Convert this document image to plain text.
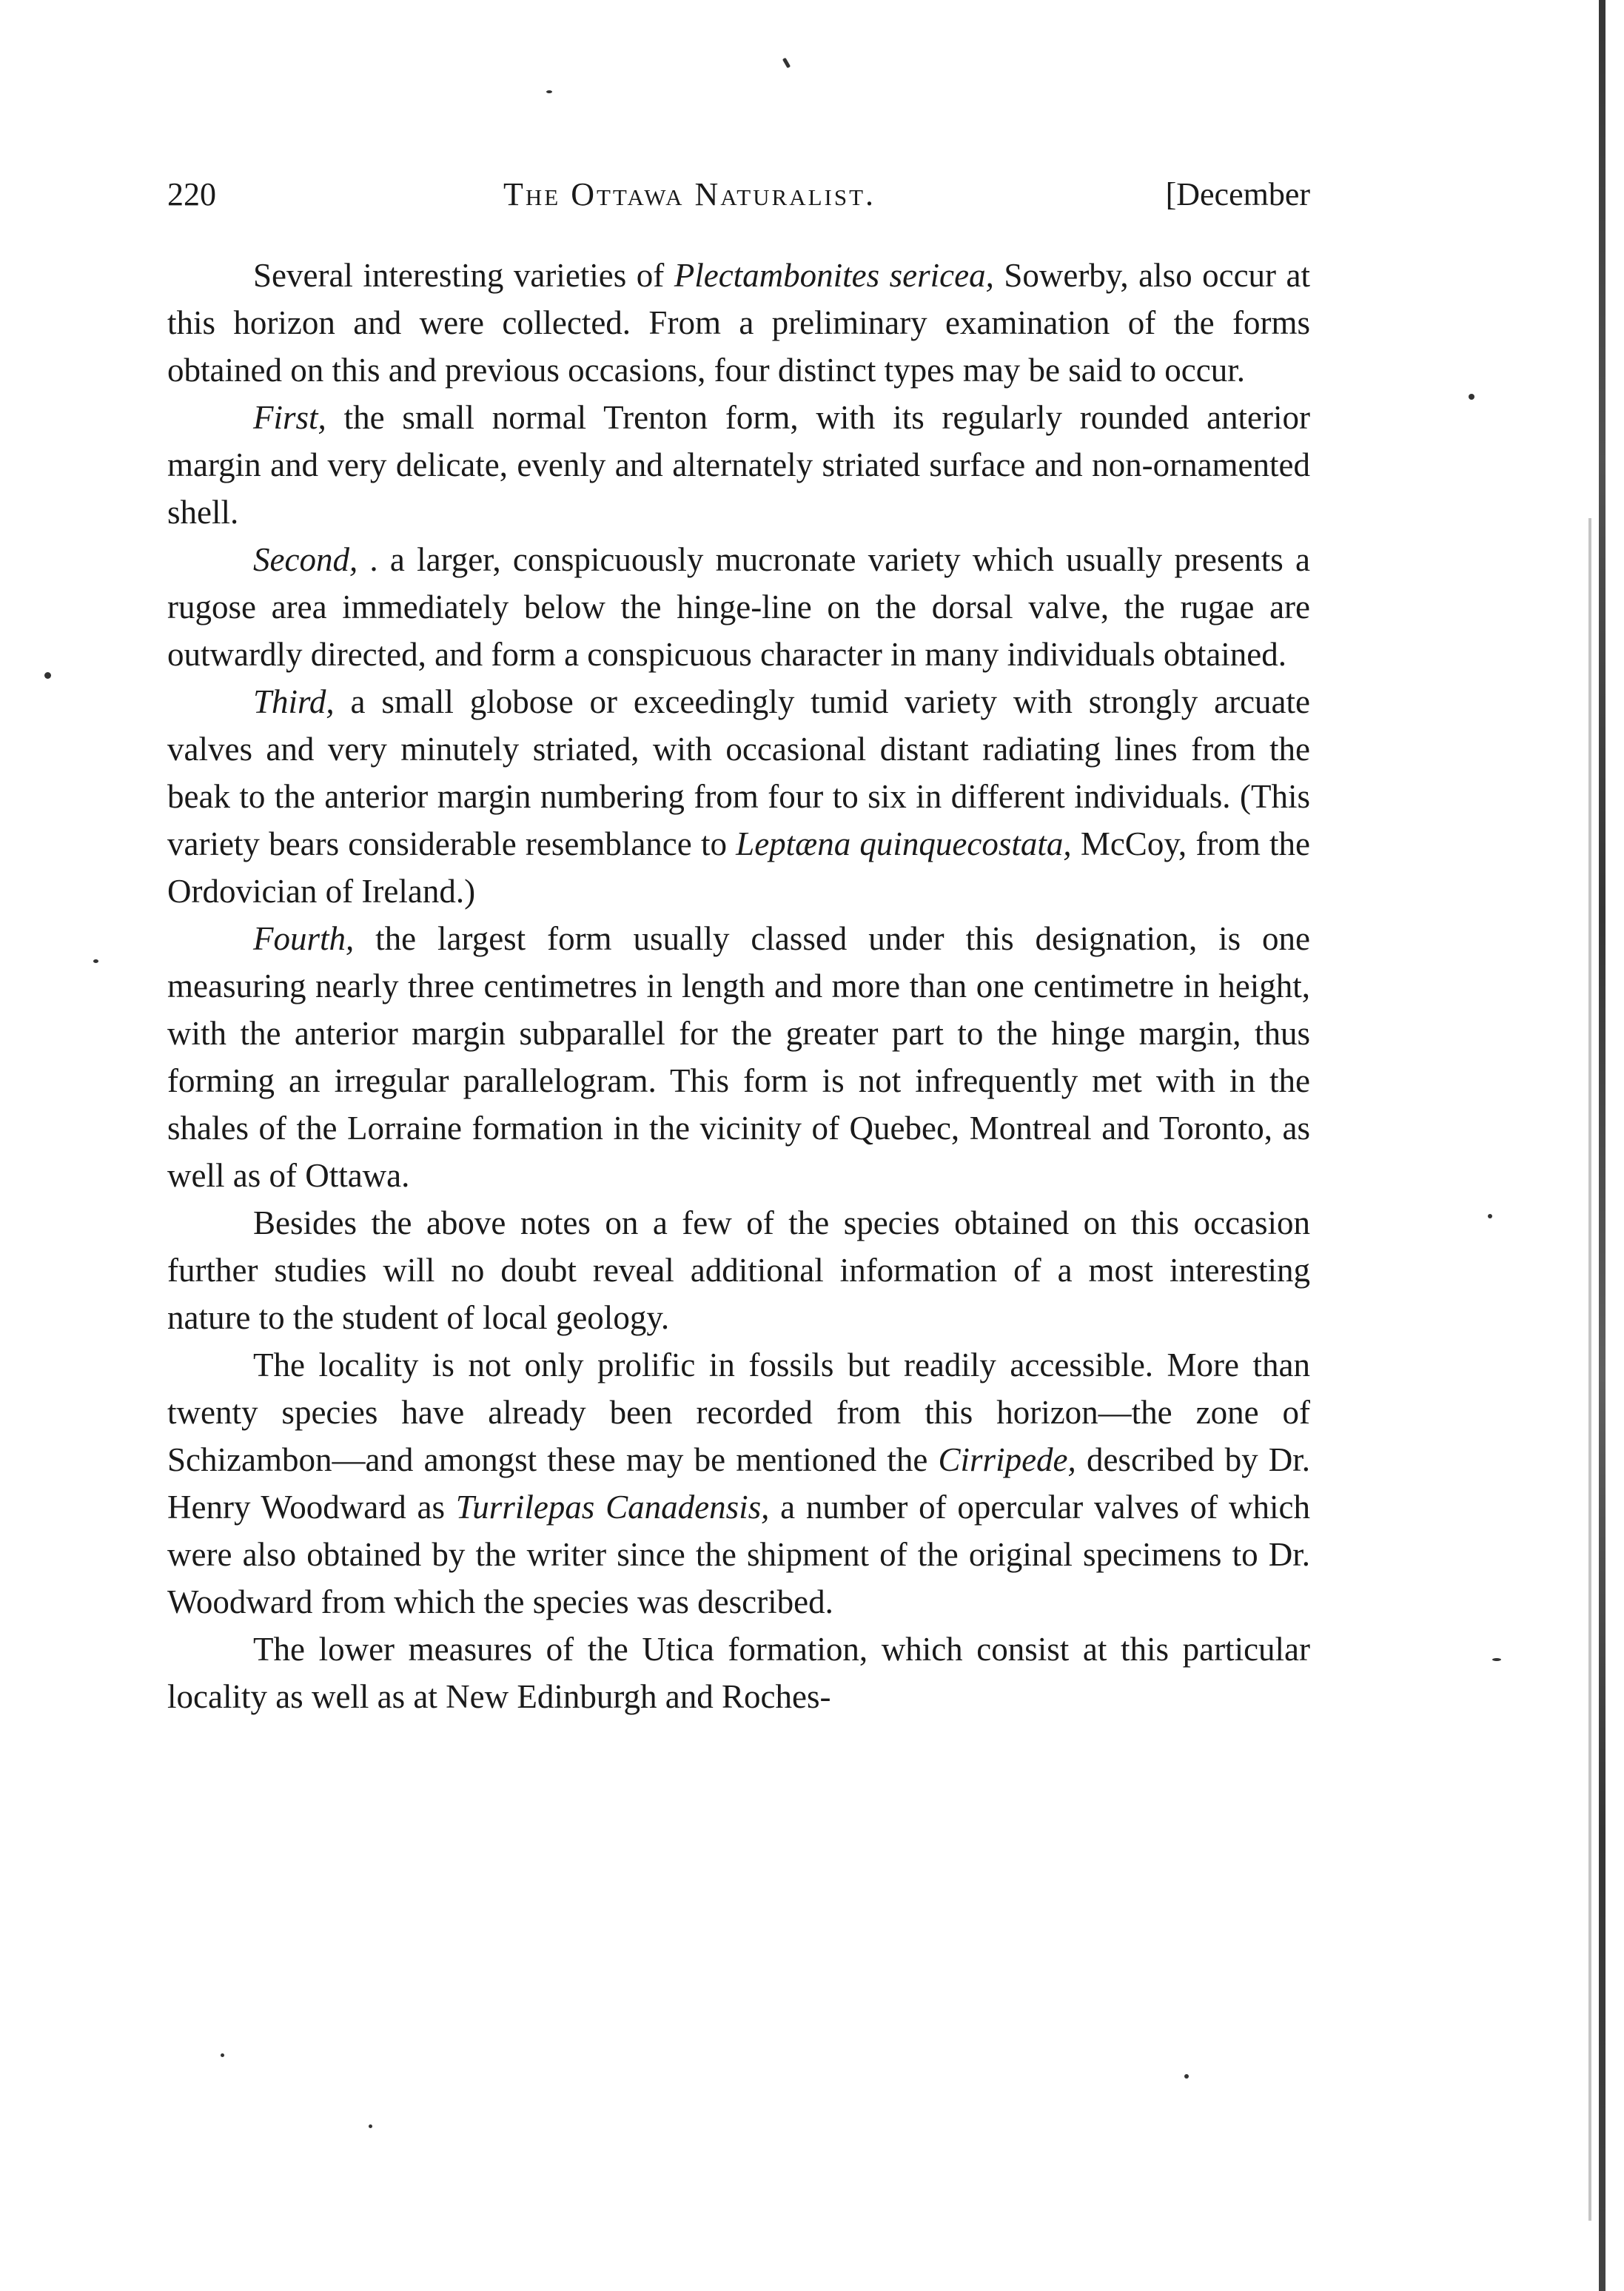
220	The Ottawa Naturalist.	[December

Several interesting varieties of Plectambonites sericea, Sowerby, also occur at this horizon and were collected. From a preliminary examination of the forms obtained on this and previous occasions, four distinct types may be said to occur.

First, the small normal Trenton form, with its regularly rounded anterior margin and very delicate, evenly and alternately striated surface and non-ornamented shell.

Second, . a larger, conspicuously mucronate variety which usually presents a rugose area immediately below the hinge-line on the dorsal valve, the rugae are outwardly directed, and form a conspicuous character in many individuals obtained.

Third, a small globose or exceedingly tumid variety with strongly arcuate valves and very minutely striated, with occasional distant radiating lines from the beak to the anterior margin numbering from four to six in different individuals. (This variety bears considerable resemblance to Leptæna quinquecostata, McCoy, from the Ordovician of Ireland.)

Fourth, the largest form usually classed under this designation, is one measuring nearly three centimetres in length and more than one centimetre in height, with the anterior margin subparallel for the greater part to the hinge margin, thus forming an irregular parallelogram. This form is not infrequently met with in the shales of the Lorraine formation in the vicinity of Quebec, Montreal and Toronto, as well as of Ottawa.

Besides the above notes on a few of the species obtained on this occasion further studies will no doubt reveal additional information of a most interesting nature to the student of local geology.

The locality is not only prolific in fossils but readily accessible. More than twenty species have already been recorded from this horizon—the zone of Schizambon—and amongst these may be mentioned the Cirripede, described by Dr. Henry Woodward as Turrilepas Canadensis, a number of opercular valves of which were also obtained by the writer since the shipment of the original specimens to Dr. Woodward from which the species was described.

The lower measures of the Utica formation, which consist at this particular locality as well as at New Edinburgh and Roches-
